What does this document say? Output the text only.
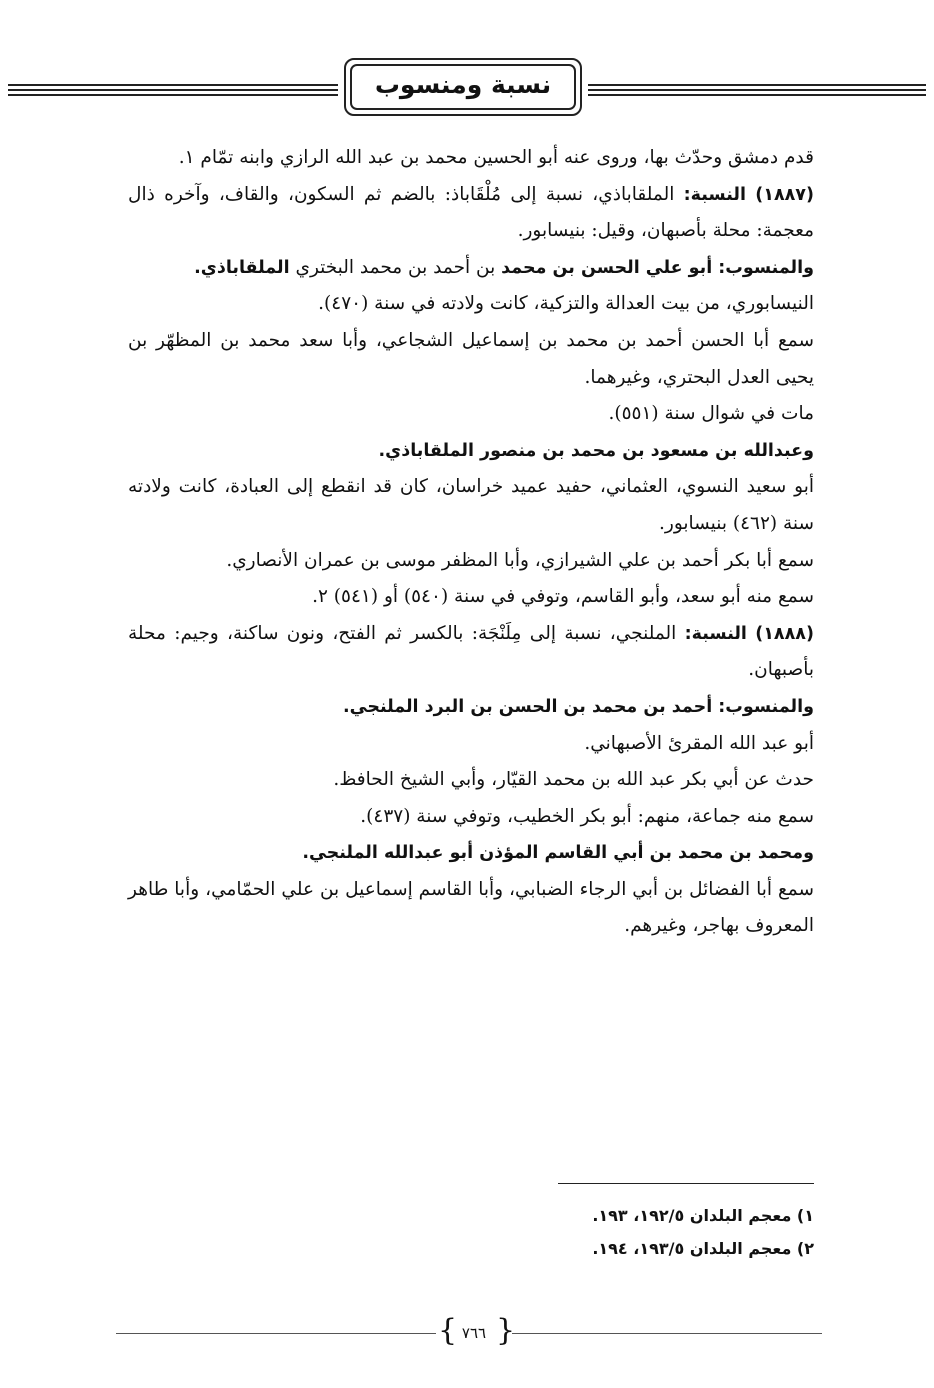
نسبة ومنسوب

قدم دمشق وحدّث بها، وروى عنه أبو الحسين محمد بن عبد الله الرازي وابنه تمّام ١.

(١٨٨٧) النسبة: الملقاباذي، نسبة إلى مُلْقَاباذ: بالضم ثم السكون، والقاف، وآخره ذال معجمة: محلة بأصبهان، وقيل: بنيسابور.

والمنسوب: أبو علي الحسن بن محمد بن أحمد بن محمد البختري الملقاباذي.

النيسابوري، من بيت العدالة والتزكية، كانت ولادته في سنة (٤٧٠).

سمع أبا الحسن أحمد بن محمد بن إسماعيل الشجاعي، وأبا سعد محمد بن المظهّر بن يحيى العدل البحتري، وغيرهما.

مات في شوال سنة (٥٥١).

وعبدالله بن مسعود بن محمد بن منصور الملقاباذي.

أبو سعيد النسوي، العثماني، حفيد عميد خراسان، كان قد انقطع إلى العبادة، كانت ولادته سنة (٤٦٢) بنيسابور.

سمع أبا بكر أحمد بن علي الشيرازي، وأبا المظفر موسى بن عمران الأنصاري.

سمع منه أبو سعد، وأبو القاسم، وتوفي في سنة (٥٤٠) أو (٥٤١) ٢.

(١٨٨٨) النسبة: الملنجي، نسبة إلى مِلَنْجَة: بالكسر ثم الفتح، ونون ساكنة، وجيم: محلة بأصبهان.

والمنسوب: أحمد بن محمد بن الحسن بن البرد الملنجي.

أبو عبد الله المقرئ الأصبهاني.

حدث عن أبي بكر عبد الله بن محمد القيّار، وأبي الشيخ الحافظ.

سمع منه جماعة، منهم: أبو بكر الخطيب، وتوفي سنة (٤٣٧).

ومحمد بن محمد بن أبي القاسم المؤذن أبو عبدالله الملنجي.

سمع أبا الفضائل بن أبي الرجاء الضبابي، وأبا القاسم إسماعيل بن علي الحمّامي، وأبا طاهر المعروف بهاجر، وغيرهم.

١) معجم البلدان ١٩٢/٥، ١٩٣.
٢) معجم البلدان ١٩٣/٥، ١٩٤.
{ }
٧٦٦
